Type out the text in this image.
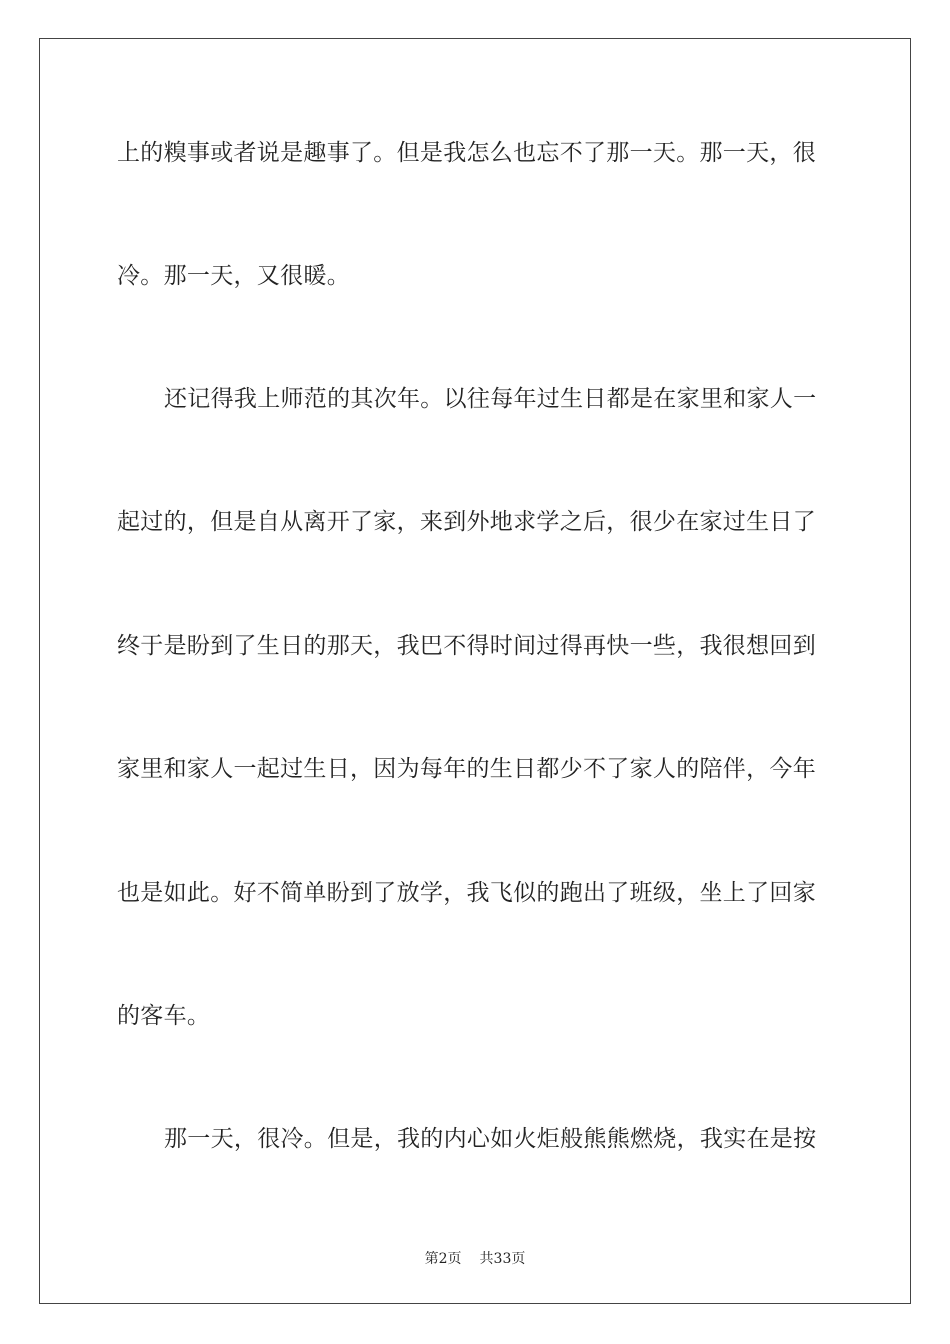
上的糗事或者说是趣事了。但是我怎么也忘不了那一天。那一天，很
冷。那一天，又很暖。
还记得我上师范的其次年。以往每年过生日都是在家里和家人一
起过的，但是自从离开了家，来到外地求学之后，很少在家过生日了
终于是盼到了生日的那天，我巴不得时间过得再快一些，我很想回到
家里和家人一起过生日，因为每年的生日都少不了家人的陪伴，今年
也是如此。好不简单盼到了放学，我飞似的跑出了班级，坐上了回家
的客车。
那一天，很冷。但是，我的内心如火炬般熊熊燃烧，我实在是按
第2页 共33页
